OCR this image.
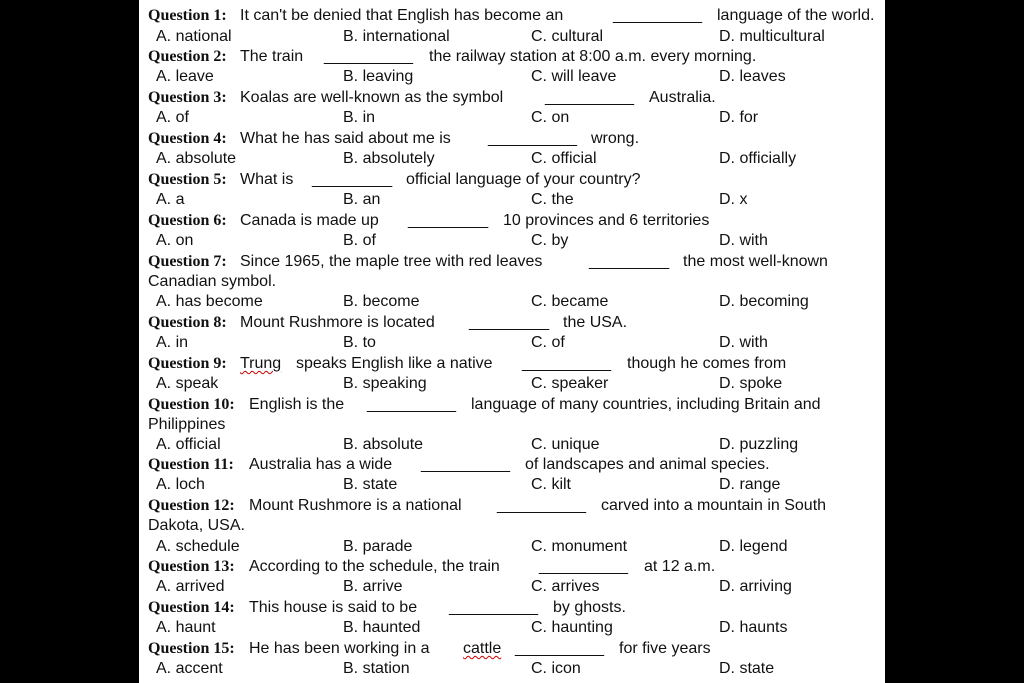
Question 1: It can't be denied that English has become an	__________ language of the world.
A. national	B. international	C. cultural	D. multicultural
Question 2: The train __________ the railway station at 8:00 a.m. every morning.
A. leave	B. leaving	C. will leave	D. leaves
Question 3: Koalas are well-known as the symbol	__________ Australia.
A. of	B. in	C. on	D. for
Question 4: What he has said about me is __________ wrong.
A. absolute	B. absolutely	C. official	D. officially
Question 5: What is _________ official language of your country?
A. a	B. an	C. the	D. x
Question 6: Canada is made up _________ 10 provinces and 6 territories
A. on	B. of	C. by	D. with
Question 7: Since 1965, the maple tree with red leaves	_________ the most well-known
Canadian symbol.
A. has become	B. become	C. became	D. becoming
Question 8: Mount Rushmore is located _________ the USA.
A. in	B. to	C. of	D. with
Question 9: Trung speaks English like a native __________ though he comes from
A. speak	B. speaking	C. speaker	D. spoke
Question 10: English is the __________ language of many countries, including Britain and
Philippines
A. official	B. absolute	C. unique	D. puzzling
Question 11: Australia has a wide __________ of landscapes and animal species.
A. loch	B. state	C. kilt	D. range
Question 12: Mount Rushmore is a national __________ carved into a mountain in South
Dakota, USA.
A. schedule	B. parade	C. monument	D. legend
Question 13: According to the schedule, the train __________ at 12 a.m.
A. arrived	B. arrive	C. arrives	D. arriving
Question 14: This house is said to be __________ by ghosts.
A. haunt	B. haunted	C. haunting	D. haunts
Question 15: He has been working in a cattle __________ for five years
A. accent	B. station	C. icon	D. state
